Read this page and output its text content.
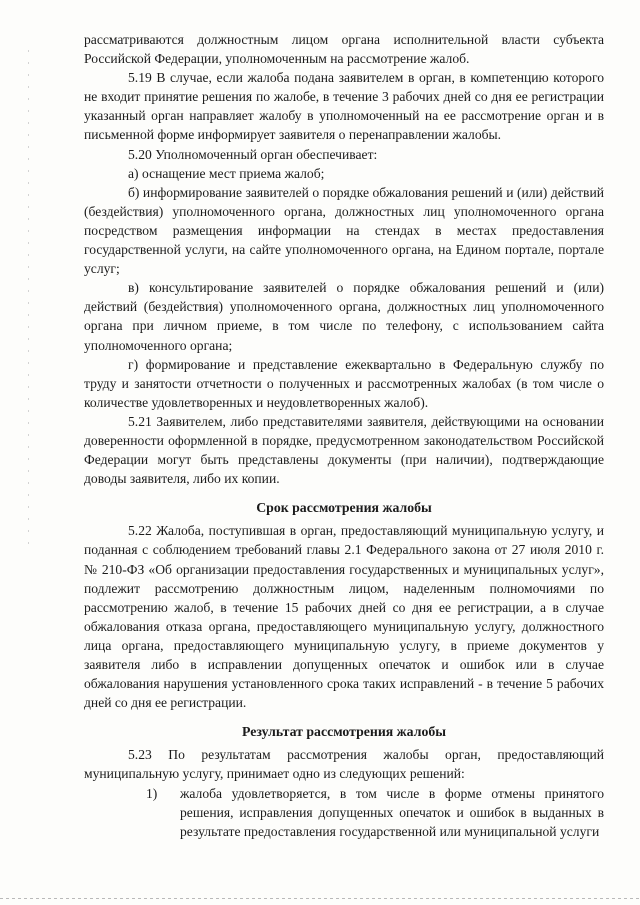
рассматриваются должностным лицом органа исполнительной власти субъекта Российской Федерации, уполномоченным на рассмотрение жалоб.

5.19 В случае, если жалоба подана заявителем в орган, в компетенцию которого не входит принятие решения по жалобе, в течение 3 рабочих дней со дня ее регистрации указанный орган направляет жалобу в уполномоченный на ее рассмотрение орган и в письменной форме информирует заявителя о перенаправлении жалобы.

5.20 Уполномоченный орган обеспечивает:

а) оснащение мест приема жалоб;

б) информирование заявителей о порядке обжалования решений и (или) действий (бездействия) уполномоченного органа, должностных лиц уполномоченного органа посредством размещения информации на стендах в местах предоставления государственной услуги, на сайте уполномоченного органа, на Едином портале, портале услуг;

в) консультирование заявителей о порядке обжалования решений и (или) действий (бездействия) уполномоченного органа, должностных лиц уполномоченного органа при личном приеме, в том числе по телефону, с использованием сайта уполномоченного органа;

г) формирование и представление ежеквартально в Федеральную службу по труду и занятости отчетности о полученных и рассмотренных жалобах (в том числе о количестве удовлетворенных и неудовлетворенных жалоб).

5.21 Заявителем, либо представителями заявителя, действующими на основании доверенности оформленной в порядке, предусмотренном законодательством Российской Федерации могут быть представлены документы (при наличии), подтверждающие доводы заявителя, либо их копии.

Срок рассмотрения жалобы

5.22 Жалоба, поступившая в орган, предоставляющий муниципальную услугу, и поданная с соблюдением требований главы 2.1 Федерального закона от 27 июля 2010 г. № 210-ФЗ «Об организации предоставления государственных и муниципальных услуг», подлежит рассмотрению должностным лицом, наделенным полномочиями по рассмотрению жалоб, в течение 15 рабочих дней со дня ее регистрации, а в случае обжалования отказа органа, предоставляющего муниципальную услугу, должностного лица органа, предоставляющего муниципальную услугу, в приеме документов у заявителя либо в исправлении допущенных опечаток и ошибок или в случае обжалования нарушения установленного срока таких исправлений - в течение 5 рабочих дней со дня ее регистрации.

Результат рассмотрения жалобы

5.23 По результатам рассмотрения жалобы орган, предоставляющий муниципальную услугу, принимает одно из следующих решений:

1)	жалоба удовлетворяется, в том числе в форме отмены принятого решения, исправления допущенных опечаток и ошибок в выданных в результате предоставления государственной или муниципальной услуги
